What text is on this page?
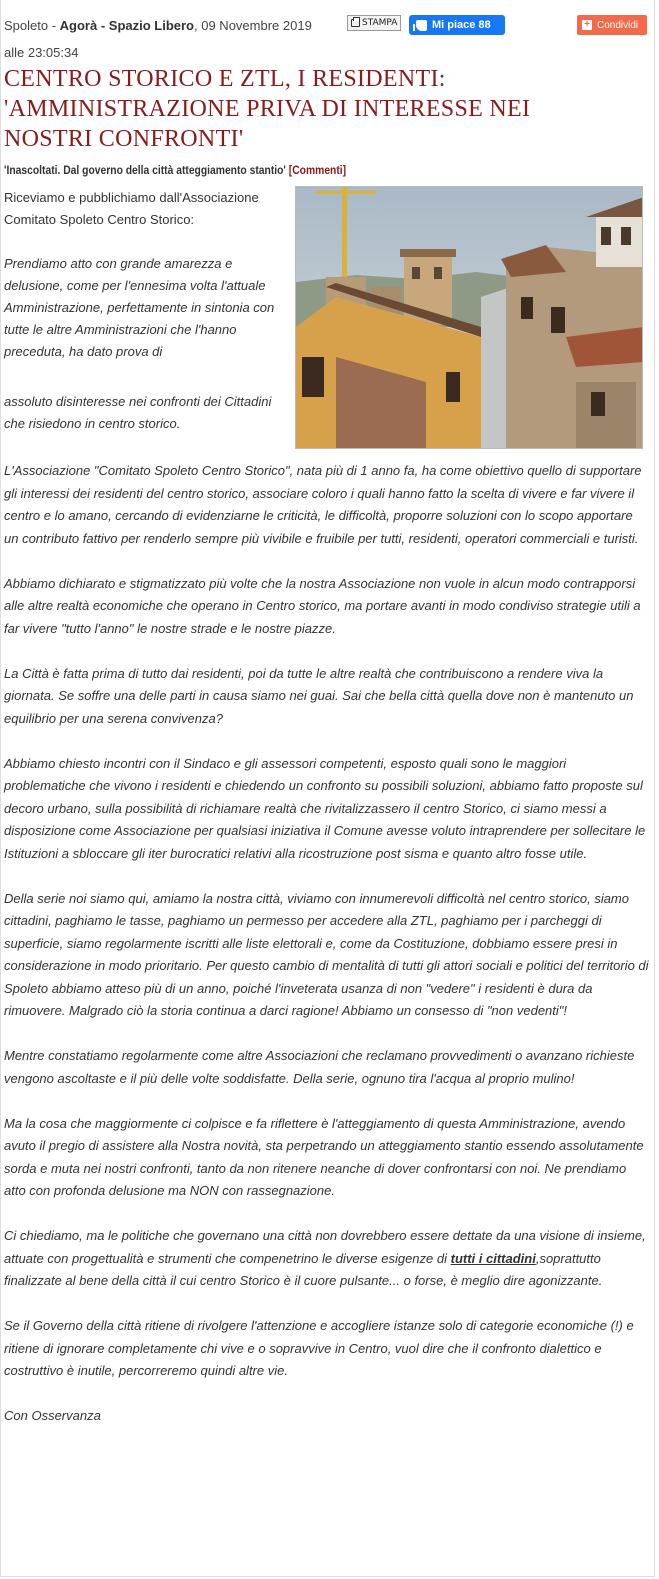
Spoleto - Agorà - Spazio Libero, 09 Novembre 2019
alle 23:05:34
STAMPA	Mi piace 88	+ Condividi
CENTRO STORICO E ZTL, I RESIDENTI: 'AMMINISTRAZIONE PRIVA DI INTERESSE NEI NOSTRI CONFRONTI'
'Inascoltati. Dal governo della città atteggiamento stantio' [Commenti]

Riceviamo e pubblichiamo dall'Associazione Comitato Spoleto Centro Storico:

Prendiamo atto con grande amarezza e delusione, come per l'ennesima volta l'attuale Amministrazione, perfettamente in sintonia con tutte le altre Amministrazioni che l'hanno preceduta, ha dato prova di

assoluto disinteresse nei confronti dei Cittadini che risiedono in centro storico.

L'Associazione "Comitato Spoleto Centro Storico", nata più di 1 anno fa, ha come obiettivo quello di supportare gli interessi dei residenti del centro storico, associare coloro i quali hanno fatto la scelta di vivere e far vivere il centro e lo amano, cercando di evidenziarne le criticità, le difficoltà, proporre soluzioni con lo scopo apportare un contributo fattivo per renderlo sempre più vivibile e fruibile per tutti, residenti, operatori commerciali e turisti.

Abbiamo dichiarato e stigmatizzato più volte che la nostra Associazione non vuole in alcun modo contrapporsi alle altre realtà economiche che operano in Centro storico, ma portare avanti in modo condiviso strategie utili a far vivere "tutto l'anno" le nostre strade e le nostre piazze.

La Città è fatta prima di tutto dai residenti, poi da tutte le altre realtà che contribuiscono a rendere viva la giornata. Se soffre una delle parti in causa siamo nei guai. Sai che bella città quella dove non è mantenuto un equilibrio per una serena convivenza?

Abbiamo chiesto incontri con il Sindaco e gli assessori competenti, esposto quali sono le maggiori problematiche che vivono i residenti e chiedendo un confronto su possibili soluzioni, abbiamo fatto proposte sul decoro urbano, sulla possibilità di richiamare realtà che rivitalizzassero il centro Storico, ci siamo messi a disposizione come Associazione per qualsiasi iniziativa il Comune avesse voluto intraprendere per sollecitare le Istituzioni a sbloccare gli iter burocratici relativi alla ricostruzione post sisma e quanto altro fosse utile.

Della serie noi siamo qui, amiamo la nostra città, viviamo con innumerevoli difficoltà nel centro storico, siamo cittadini, paghiamo le tasse, paghiamo un permesso per accedere alla ZTL, paghiamo per i parcheggi di superficie, siamo regolarmente iscritti alle liste elettorali e, come da Costituzione, dobbiamo essere presi in considerazione in modo prioritario. Per questo cambio di mentalità di tutti gli attori sociali e politici del territorio di Spoleto abbiamo atteso più di un anno, poiché l'inveterata usanza di non "vedere" i residenti è dura da rimuovere. Malgrado ciò la storia continua a darci ragione! Abbiamo un consesso di "non vedenti"!

Mentre constatiamo regolarmente come altre Associazioni che reclamano provvedimenti o avanzano richieste vengono ascoltaste e il più delle volte soddisfatte. Della serie, ognuno tira l'acqua al proprio mulino!

Ma la cosa che maggiormente ci colpisce e fa riflettere è l'atteggiamento di questa Amministrazione, avendo avuto il pregio di assistere alla Nostra novità, sta perpetrando un atteggiamento stantio essendo assolutamente sorda e muta nei nostri confronti, tanto da non ritenere neanche di dover confrontarsi con noi. Ne prendiamo atto con profonda delusione ma NON con rassegnazione.

Ci chiediamo, ma le politiche che governano una città non dovrebbero essere dettate da una visione di insieme, attuate con progettualità e strumenti che compenetrino le diverse esigenze di tutti i cittadini,soprattutto finalizzate al bene della città il cui centro Storico è il cuore pulsante... o forse, è meglio dire agonizzante.

Se il Governo della città ritiene di rivolgere l'attenzione e accogliere istanze solo di categorie economiche (!) e ritiene di ignorare completamente chi vive e o sopravvive in Centro, vuol dire che il confronto dialettico e costruttivo è inutile, percorreremo quindi altre vie.

Con Osservanza
